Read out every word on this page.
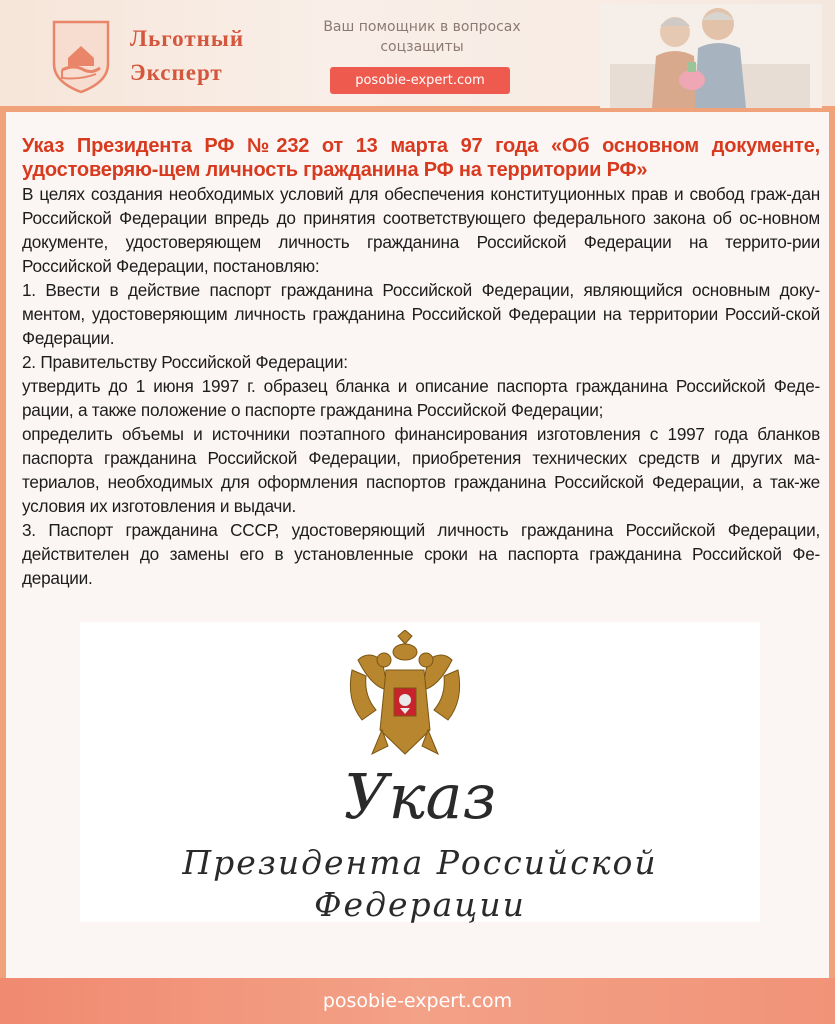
Льготный
Эксперт
Ваш помощник в вопросах соцзащиты
posobie-expert.com
Указ Президента РФ №232 от 13 марта 97 года «Об основном документе, удостоверяю-щем личность гражданина РФ на территории РФ»

В целях создания необходимых условий для обеспечения конституционных прав и свобод граж-дан Российской Федерации впредь до принятия соответствующего федерального закона об ос-новном документе, удостоверяющем личность гражданина Российской Федерации на террито-рии Российской Федерации, постановляю:

1. Ввести в действие паспорт гражданина Российской Федерации, являющийся основным доку-ментом, удостоверяющим личность гражданина Российской Федерации на территории Россий-ской Федерации.

2. Правительству Российской Федерации:

утвердить до 1 июня 1997 г. образец бланка и описание паспорта гражданина Российской Феде-рации, а также положение о паспорте гражданина Российской Федерации;

определить объемы и источники поэтапного финансирования изготовления с 1997 года бланков паспорта гражданина Российской Федерации, приобретения технических средств и других ма-териалов, необходимых для оформления паспортов гражданина Российской Федерации, а так-же условия их изготовления и выдачи.

3. Паспорт гражданина СССР, удостоверяющий личность гражданина Российской Федерации, действителен до замены его в установленные сроки на паспорта гражданина Российской Фе-дерации.

Указ
Президента Российской Федерации
posobie-expert.com
